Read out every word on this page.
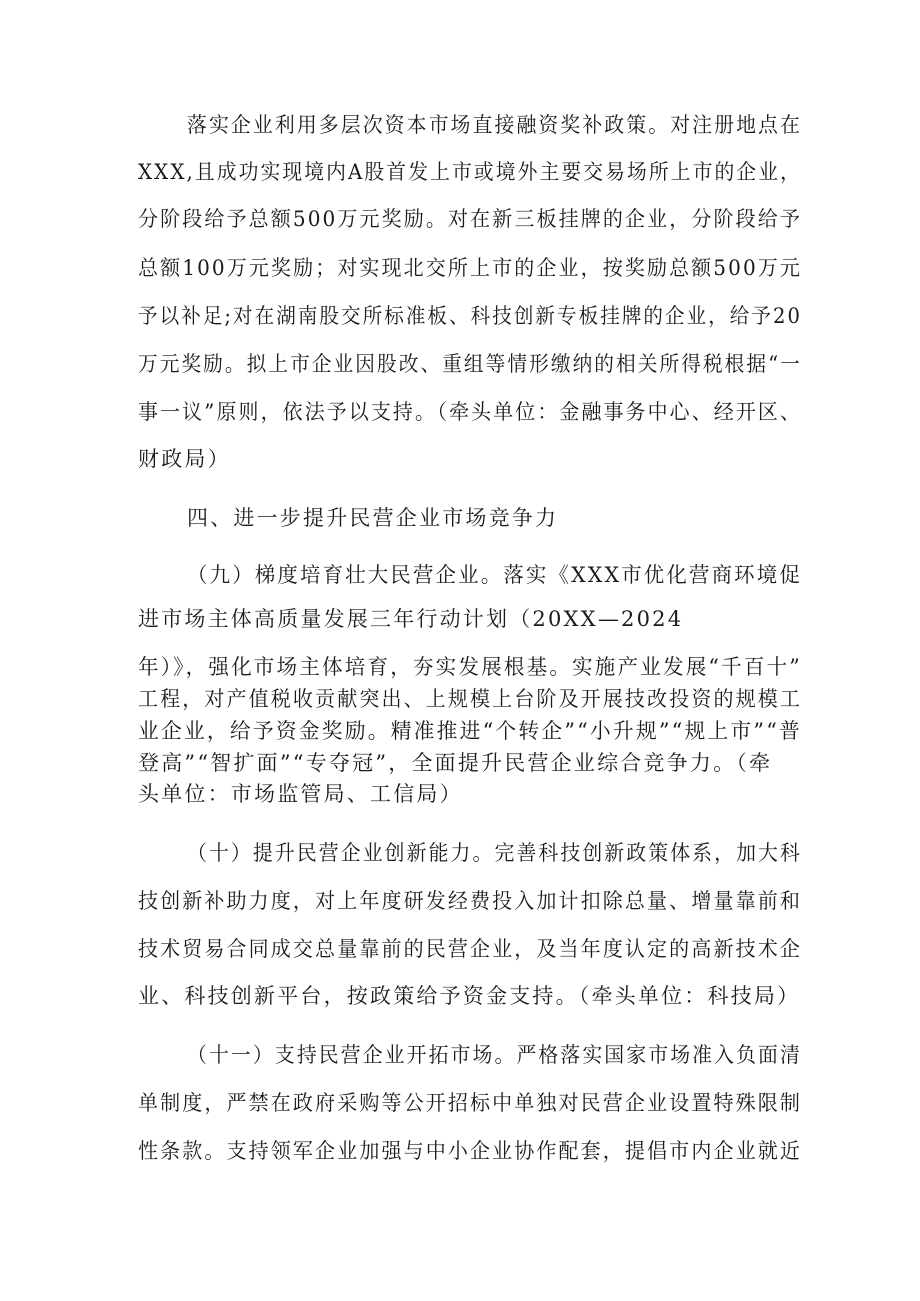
落实企业利用多层次资本市场直接融资奖补政策。对注册地点在

XXX,且成功实现境内A股首发上市或境外主要交易场所上市的企业，

分阶段给予总额500万元奖励。对在新三板挂牌的企业，分阶段给予

总额100万元奖励；对实现北交所上市的企业，按奖励总额500万元

予以补足;对在湖南股交所标准板、科技创新专板挂牌的企业，给予20

万元奖励。拟上市企业因股改、重组等情形缴纳的相关所得税根据“一

事一议”原则，依法予以支持。（牵头单位：金融事务中心、经开区、

财政局）

四、进一步提升民营企业市场竞争力

（九）梯度培育壮大民营企业。落实《XXX市优化营商环境促

进市场主体高质量发展三年行动计划（20XX—2024

年）》，强化市场主体培育，夯实发展根基。实施产业发展“千百十”

工程，对产值税收贡献突出、上规模上台阶及开展技改投资的规模工

业企业，给予资金奖励。精准推进“个转企”“小升规”“规上市”“普

登高”“智扩面”“专夺冠”，全面提升民营企业综合竞争力。（牵

头单位：市场监管局、工信局）

（十）提升民营企业创新能力。完善科技创新政策体系，加大科

技创新补助力度，对上年度研发经费投入加计扣除总量、增量靠前和

技术贸易合同成交总量靠前的民营企业，及当年度认定的高新技术企

业、科技创新平台，按政策给予资金支持。（牵头单位：科技局）

（十一）支持民营企业开拓市场。严格落实国家市场准入负面清

单制度，严禁在政府采购等公开招标中单独对民营企业设置特殊限制

性条款。支持领军企业加强与中小企业协作配套，提倡市内企业就近
